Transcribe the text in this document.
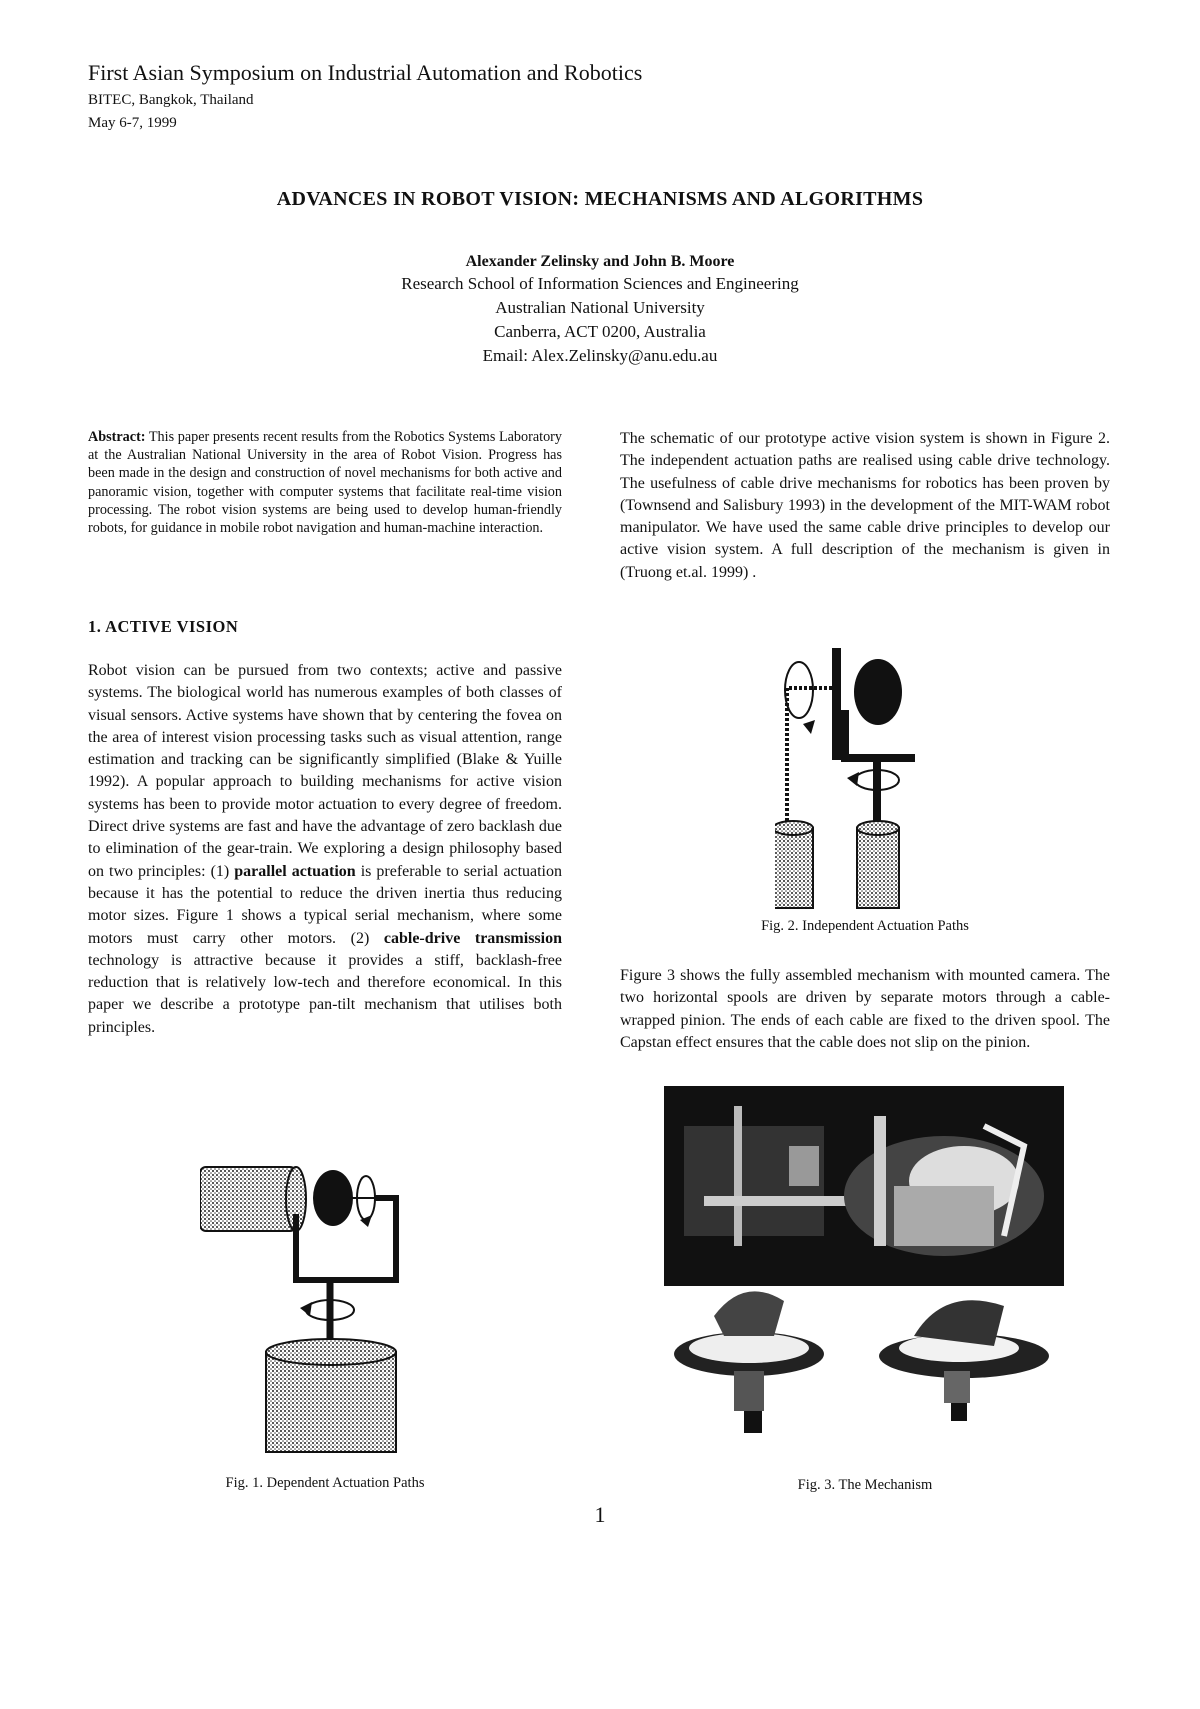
First Asian Symposium on Industrial Automation and Robotics
BITEC, Bangkok, Thailand
May 6-7, 1999
ADVANCES IN ROBOT VISION: MECHANISMS AND ALGORITHMS
Alexander Zelinsky and John B. Moore
Research School of Information Sciences and Engineering
Australian National University
Canberra, ACT 0200, Australia
Email: Alex.Zelinsky@anu.edu.au
Abstract: This paper presents recent results from the Robotics Systems Laboratory at the Australian National University in the area of Robot Vision. Progress has been made in the design and construction of novel mechanisms for both active and panoramic vision, together with computer systems that facilitate real-time vision processing. The robot vision systems are being used to develop human-friendly robots, for guidance in mobile robot navigation and human-machine interaction.
1. ACTIVE VISION

Robot vision can be pursued from two contexts; active and passive systems. The biological world has numerous examples of both classes of visual sensors. Active systems have shown that by centering the fovea on the area of interest vision processing tasks such as visual attention, range estimation and tracking can be significantly simplified (Blake & Yuille 1992). A popular approach to building mechanisms for active vision systems has been to provide motor actuation to every degree of freedom. Direct drive systems are fast and have the advantage of zero backlash due to elimination of the gear-train. We exploring a design philosophy based on two principles: (1) parallel actuation is preferable to serial actuation because it has the potential to reduce the driven inertia thus reducing motor sizes. Figure 1 shows a typical serial mechanism, where some motors must carry other motors. (2) cable-drive transmission technology is attractive because it provides a stiff, backlash-free reduction that is relatively low-tech and therefore economical. In this paper we describe a prototype pan-tilt mechanism that utilises both principles.

Fig. 1. Dependent Actuation Paths
The schematic of our prototype active vision system is shown in Figure 2. The independent actuation paths are realised using cable drive technology. The usefulness of cable drive mechanisms for robotics has been proven by (Townsend and Salisbury 1993) in the development of the MIT-WAM robot manipulator. We have used the same cable drive principles to develop our active vision system. A full description of the mechanism is given in (Truong et.al. 1999) .
Fig. 2. Independent Actuation Paths
Figure 3 shows the fully assembled mechanism with mounted camera. The two horizontal spools are driven by separate motors through a cable-wrapped pinion. The ends of each cable are fixed to the driven spool. The Capstan effect ensures that the cable does not slip on the pinion.
Fig. 3. The Mechanism
1
